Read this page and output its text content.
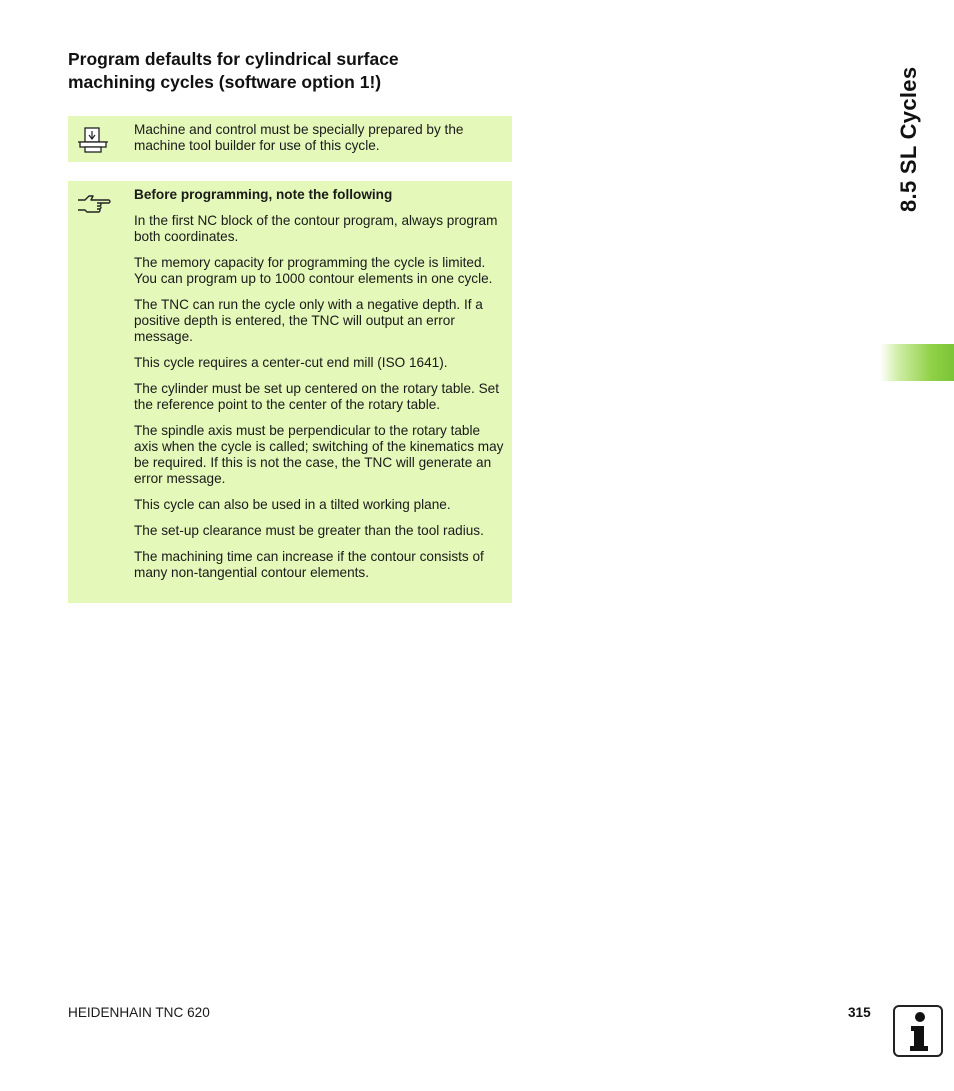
Program defaults for cylindrical surface
machining cycles (software option 1!)
Machine and control must be specially prepared by the machine tool builder for use of this cycle.
Before programming, note the following
In the first NC block of the contour program, always program both coordinates.
The memory capacity for programming the cycle is limited. You can program up to 1000 contour elements in one cycle.
The TNC can run the cycle only with a negative depth. If a positive depth is entered, the TNC will output an error message.
This cycle requires a center-cut end mill (ISO 1641).
The cylinder must be set up centered on the rotary table. Set the reference point to the center of the rotary table.
The spindle axis must be perpendicular to the rotary table axis when the cycle is called; switching of the kinematics may be required. If this is not the case, the TNC will generate an error message.
This cycle can also be used in a tilted working plane.
The set-up clearance must be greater than the tool radius.
The machining time can increase if the contour consists of many non-tangential contour elements.
8.5 SL Cycles
HEIDENHAIN TNC 620	315
